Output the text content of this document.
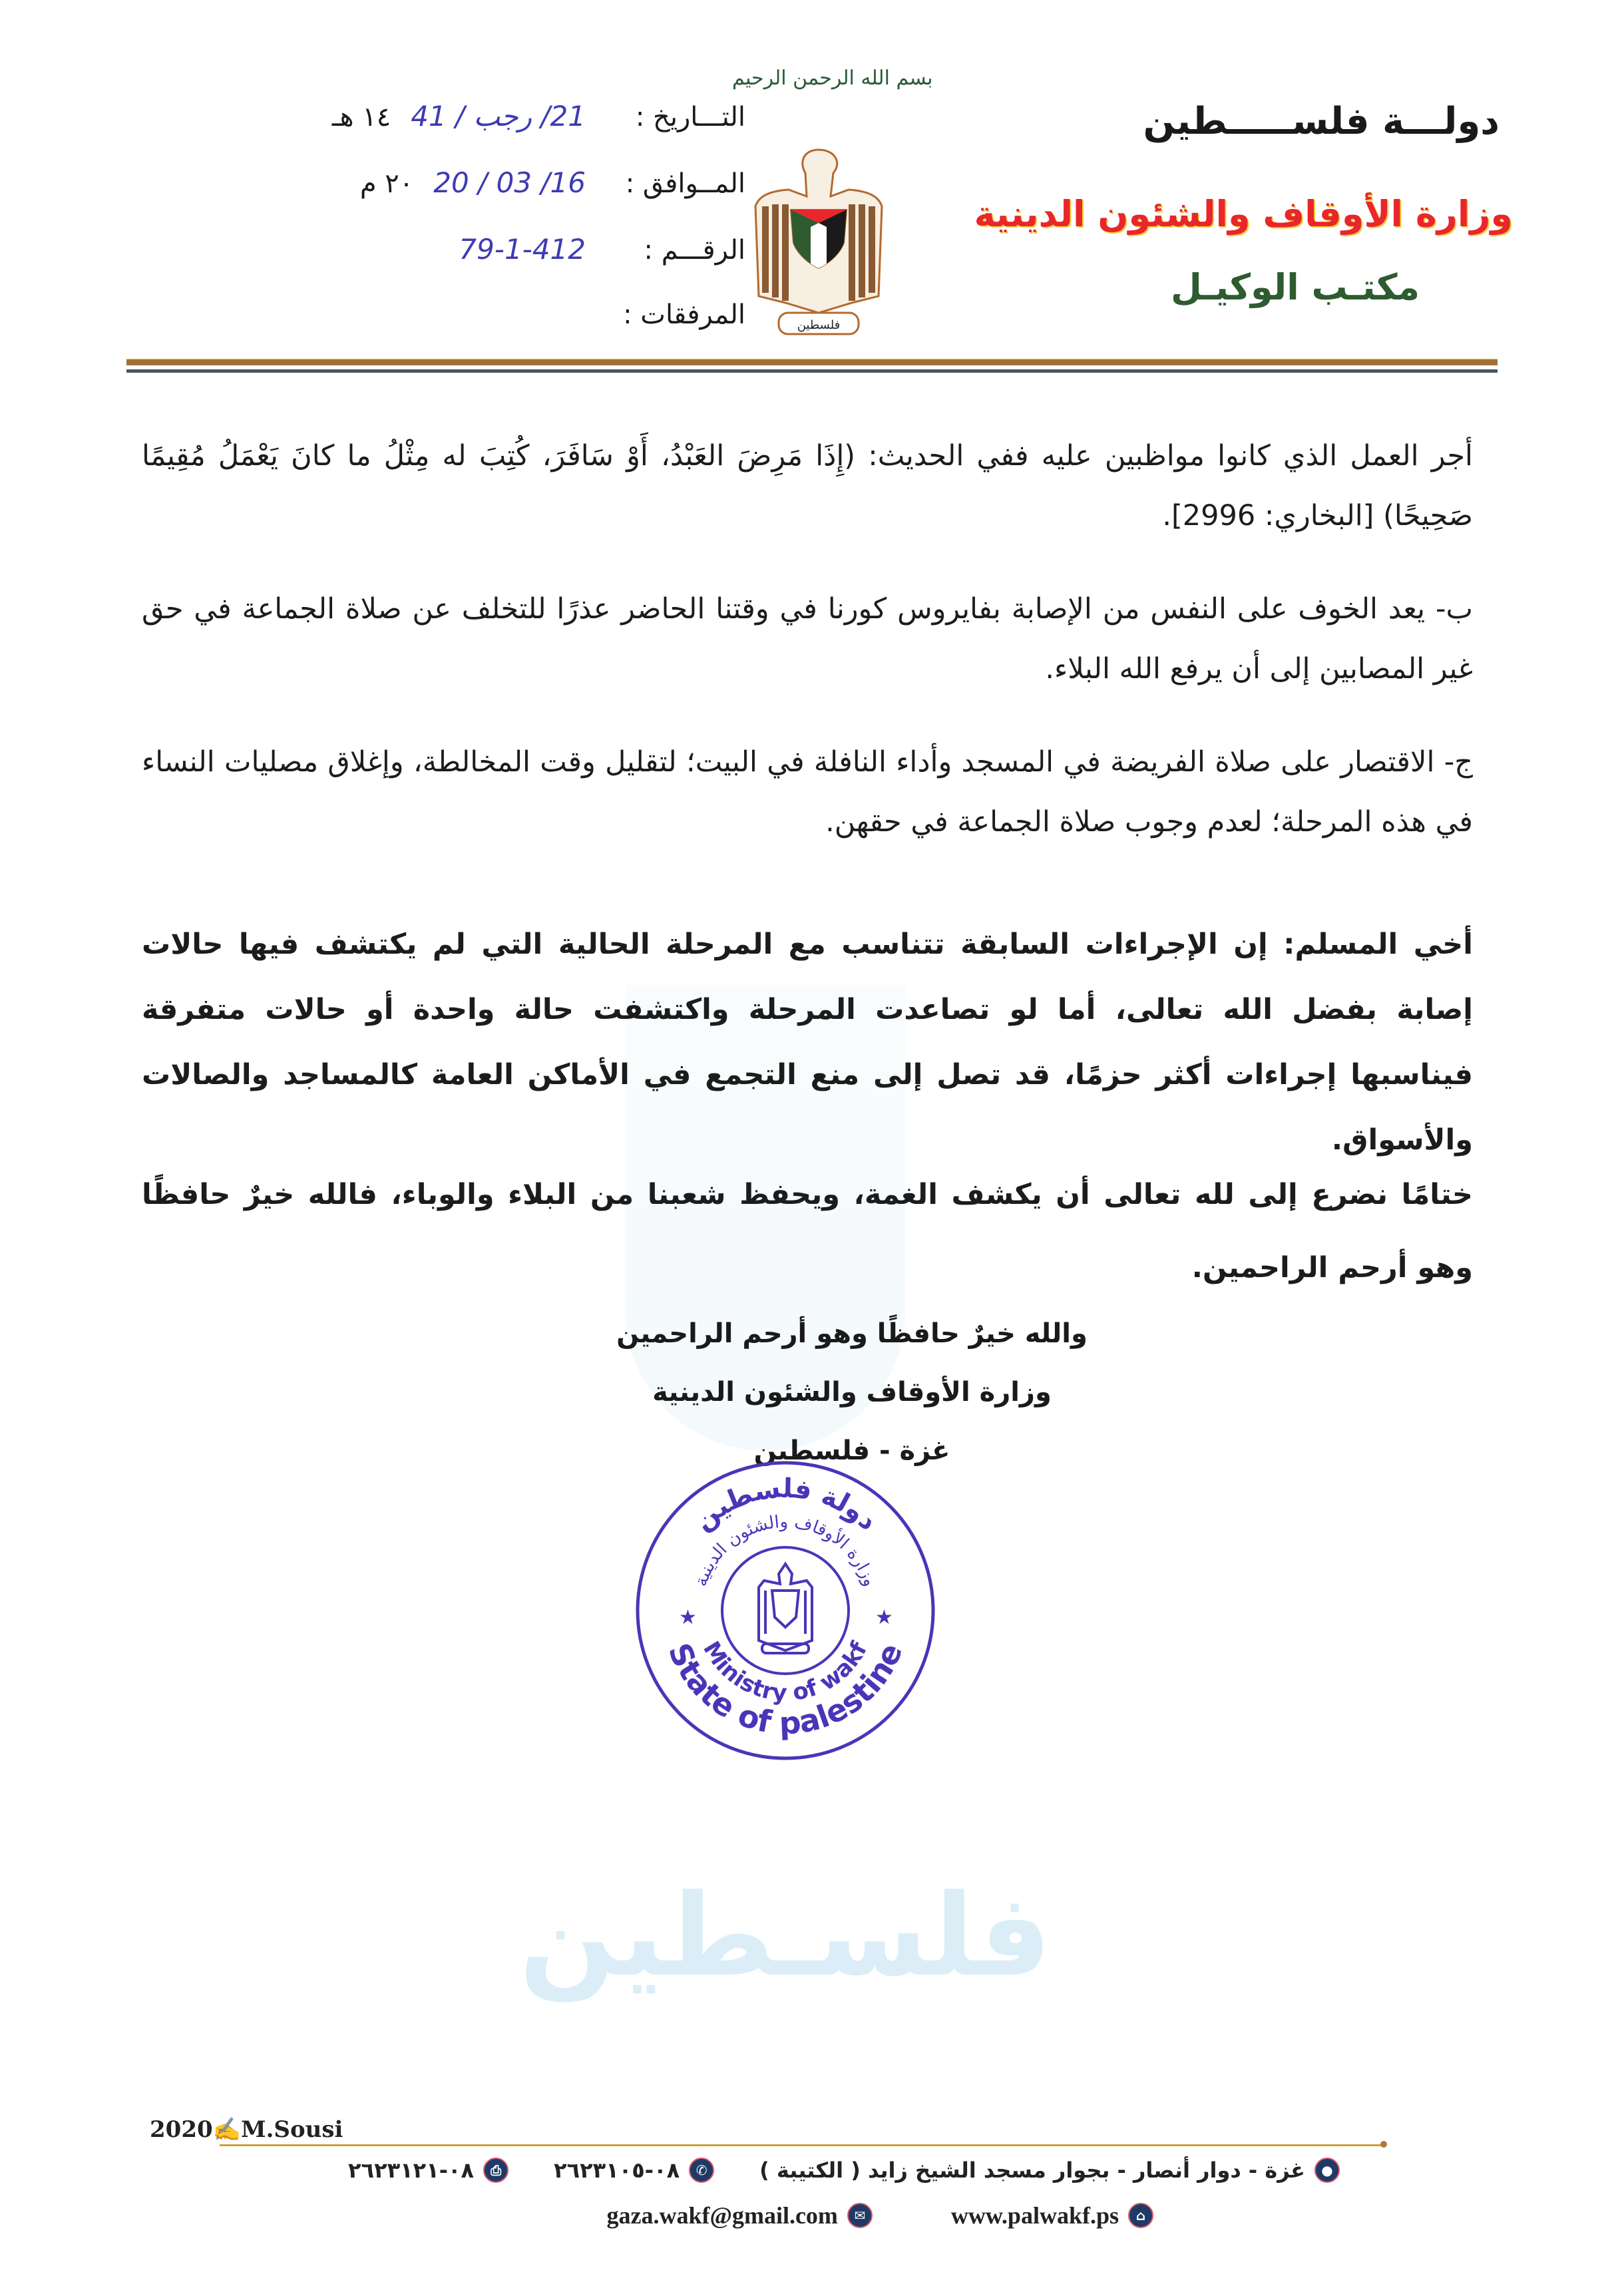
دولـــة فلســـــطين
وزارة الأوقاف والشئون الدينية
مكتـب الوكيـل
بسم الله الرحمن الرحيم
فلسطين
التـــاريخ :
21/ رجب / 41
١٤ هـ
المــوافق :
16/ 03 / 20
٢٠ م
الرقـــم :
79-1-412
المرفقات :

أجر العمل الذي كانوا مواظبين عليه ففي الحديث: (إِذَا مَرِضَ العَبْدُ، أَوْ سَافَرَ، كُتِبَ له مِثْلُ ما كانَ يَعْمَلُ مُقِيمًا صَحِيحًا) [البخاري: 2996].

ب- يعد الخوف على النفس من الإصابة بفايروس كورنا في وقتنا الحاضر عذرًا للتخلف عن صلاة الجماعة في حق غير المصابين إلى أن يرفع الله البلاء.

ج- الاقتصار على صلاة الفريضة في المسجد وأداء النافلة في البيت؛ لتقليل وقت المخالطة، وإغلاق مصليات النساء في هذه المرحلة؛ لعدم وجوب صلاة الجماعة في حقهن.

أخي المسلم: إن الإجراءات السابقة تتناسب مع المرحلة الحالية التي لم يكتشف فيها حالات إصابة بفضل الله تعالى، أما لو تصاعدت المرحلة واكتشفت حالة واحدة أو حالات متفرقة فيناسبها إجراءات أكثر حزمًا، قد تصل إلى منع التجمع في الأماكن العامة كالمساجد والصالات والأسواق.

ختامًا نضرع إلى لله تعالى أن يكشف الغمة، ويحفظ شعبنا من البلاء والوباء، فالله خيرٌ حافظًا وهو أرحم الراحمين.

والله خيرٌ حافظًا وهو أرحم الراحمين
وزارة الأوقاف والشئون الدينية
غزة - فلسطين
دولة فلسطين
وزارة الأوقاف والشئون الدينية
State of palestine
Ministry of wakf
★	★
فلسـطين
2020✍M.Sousi
●
غزة - دوار أنصار - بجوار مسجد الشيخ زايد ( الكتيبة )
✆
٠٨-٢٦٢٣١٠٥
⎙
٠٨-٢٦٢٣١٢١
⌂
www.palwakf.ps
✉
gaza.wakf@gmail.com
